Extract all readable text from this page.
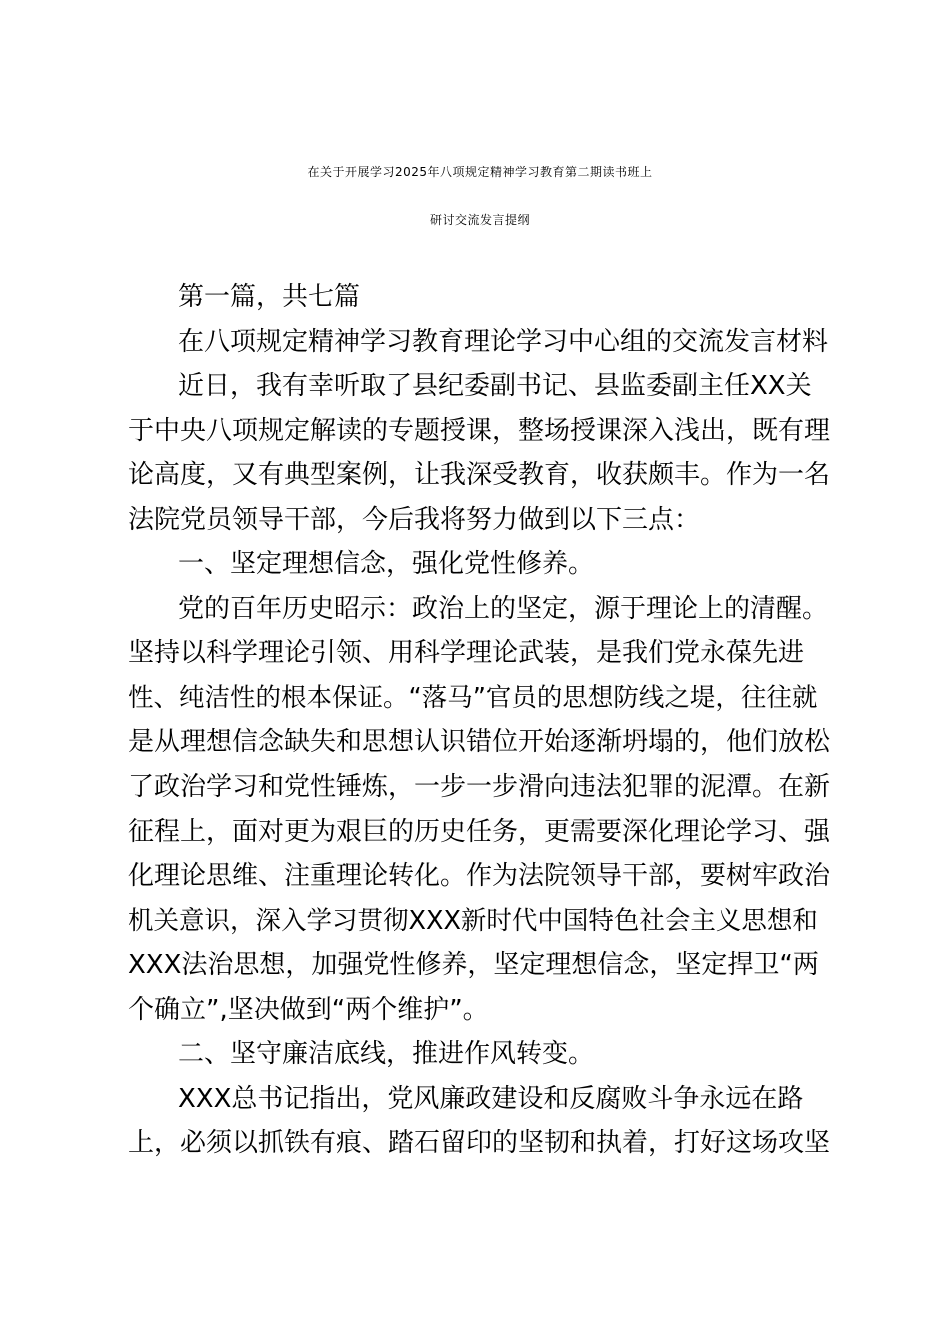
在关于开展学习2025年八项规定精神学习教育第二期读书班上
研讨交流发言提纲
第一篇，共七篇
在八项规定精神学习教育理论学习中心组的交流发言材料
近日，我有幸听取了县纪委副书记、县监委副主任XX关
于中央八项规定解读的专题授课，整场授课深入浅出，既有理
论高度，又有典型案例，让我深受教育，收获颇丰。作为一名
法院党员领导干部，今后我将努力做到以下三点：
一、坚定理想信念，强化党性修养。
党的百年历史昭示：政治上的坚定，源于理论上的清醒。
坚持以科学理论引领、用科学理论武装，是我们党永葆先进
性、纯洁性的根本保证。“落马”官员的思想防线之堤，往往就
是从理想信念缺失和思想认识错位开始逐渐坍塌的，他们放松
了政治学习和党性锤炼，一步一步滑向违法犯罪的泥潭。在新
征程上，面对更为艰巨的历史任务，更需要深化理论学习、强
化理论思维、注重理论转化。作为法院领导干部，要树牢政治
机关意识，深入学习贯彻XXX新时代中国特色社会主义思想和
XXX法治思想，加强党性修养，坚定理想信念，坚定捍卫“两
个确立”,坚决做到“两个维护”。
二、坚守廉洁底线，推进作风转变。
XXX总书记指出，党风廉政建设和反腐败斗争永远在路
上，必须以抓铁有痕、踏石留印的坚韧和执着，打好这场攻坚
